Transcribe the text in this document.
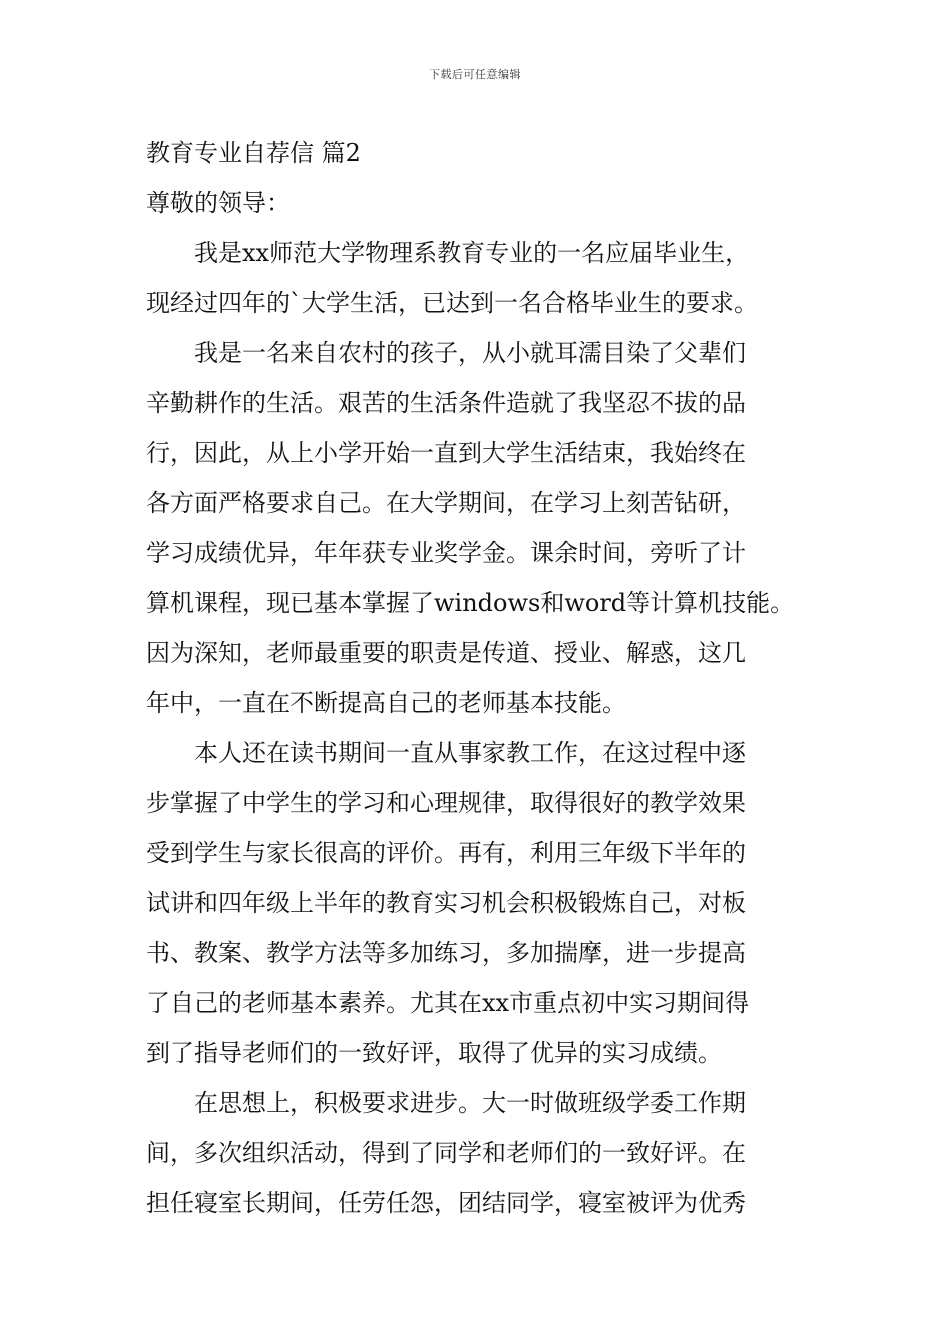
下载后可任意编辑

教育专业自荐信 篇2

尊敬的领导：

　　我是xx师范大学物理系教育专业的一名应届毕业生，
现经过四年的`大学生活，已达到一名合格毕业生的要求。

　　我是一名来自农村的孩子，从小就耳濡目染了父辈们
辛勤耕作的生活。艰苦的生活条件造就了我坚忍不拔的品
行，因此，从上小学开始一直到大学生活结束，我始终在
各方面严格要求自己。在大学期间，在学习上刻苦钻研，
学习成绩优异，年年获专业奖学金。课余时间，旁听了计
算机课程，现已基本掌握了windows和word等计算机技能。
因为深知，老师最重要的职责是传道、授业、解惑，这几
年中，一直在不断提高自己的老师基本技能。

　　本人还在读书期间一直从事家教工作，在这过程中逐
步掌握了中学生的学习和心理规律，取得很好的教学效果
受到学生与家长很高的评价。再有，利用三年级下半年的
试讲和四年级上半年的教育实习机会积极锻炼自己，对板
书、教案、教学方法等多加练习，多加揣摩，进一步提高
了自己的老师基本素养。尤其在xx市重点初中实习期间得
到了指导老师们的一致好评，取得了优异的实习成绩。

　　在思想上，积极要求进步。大一时做班级学委工作期
间，多次组织活动，得到了同学和老师们的一致好评。在
担任寝室长期间，任劳任怨，团结同学，寝室被评为优秀
